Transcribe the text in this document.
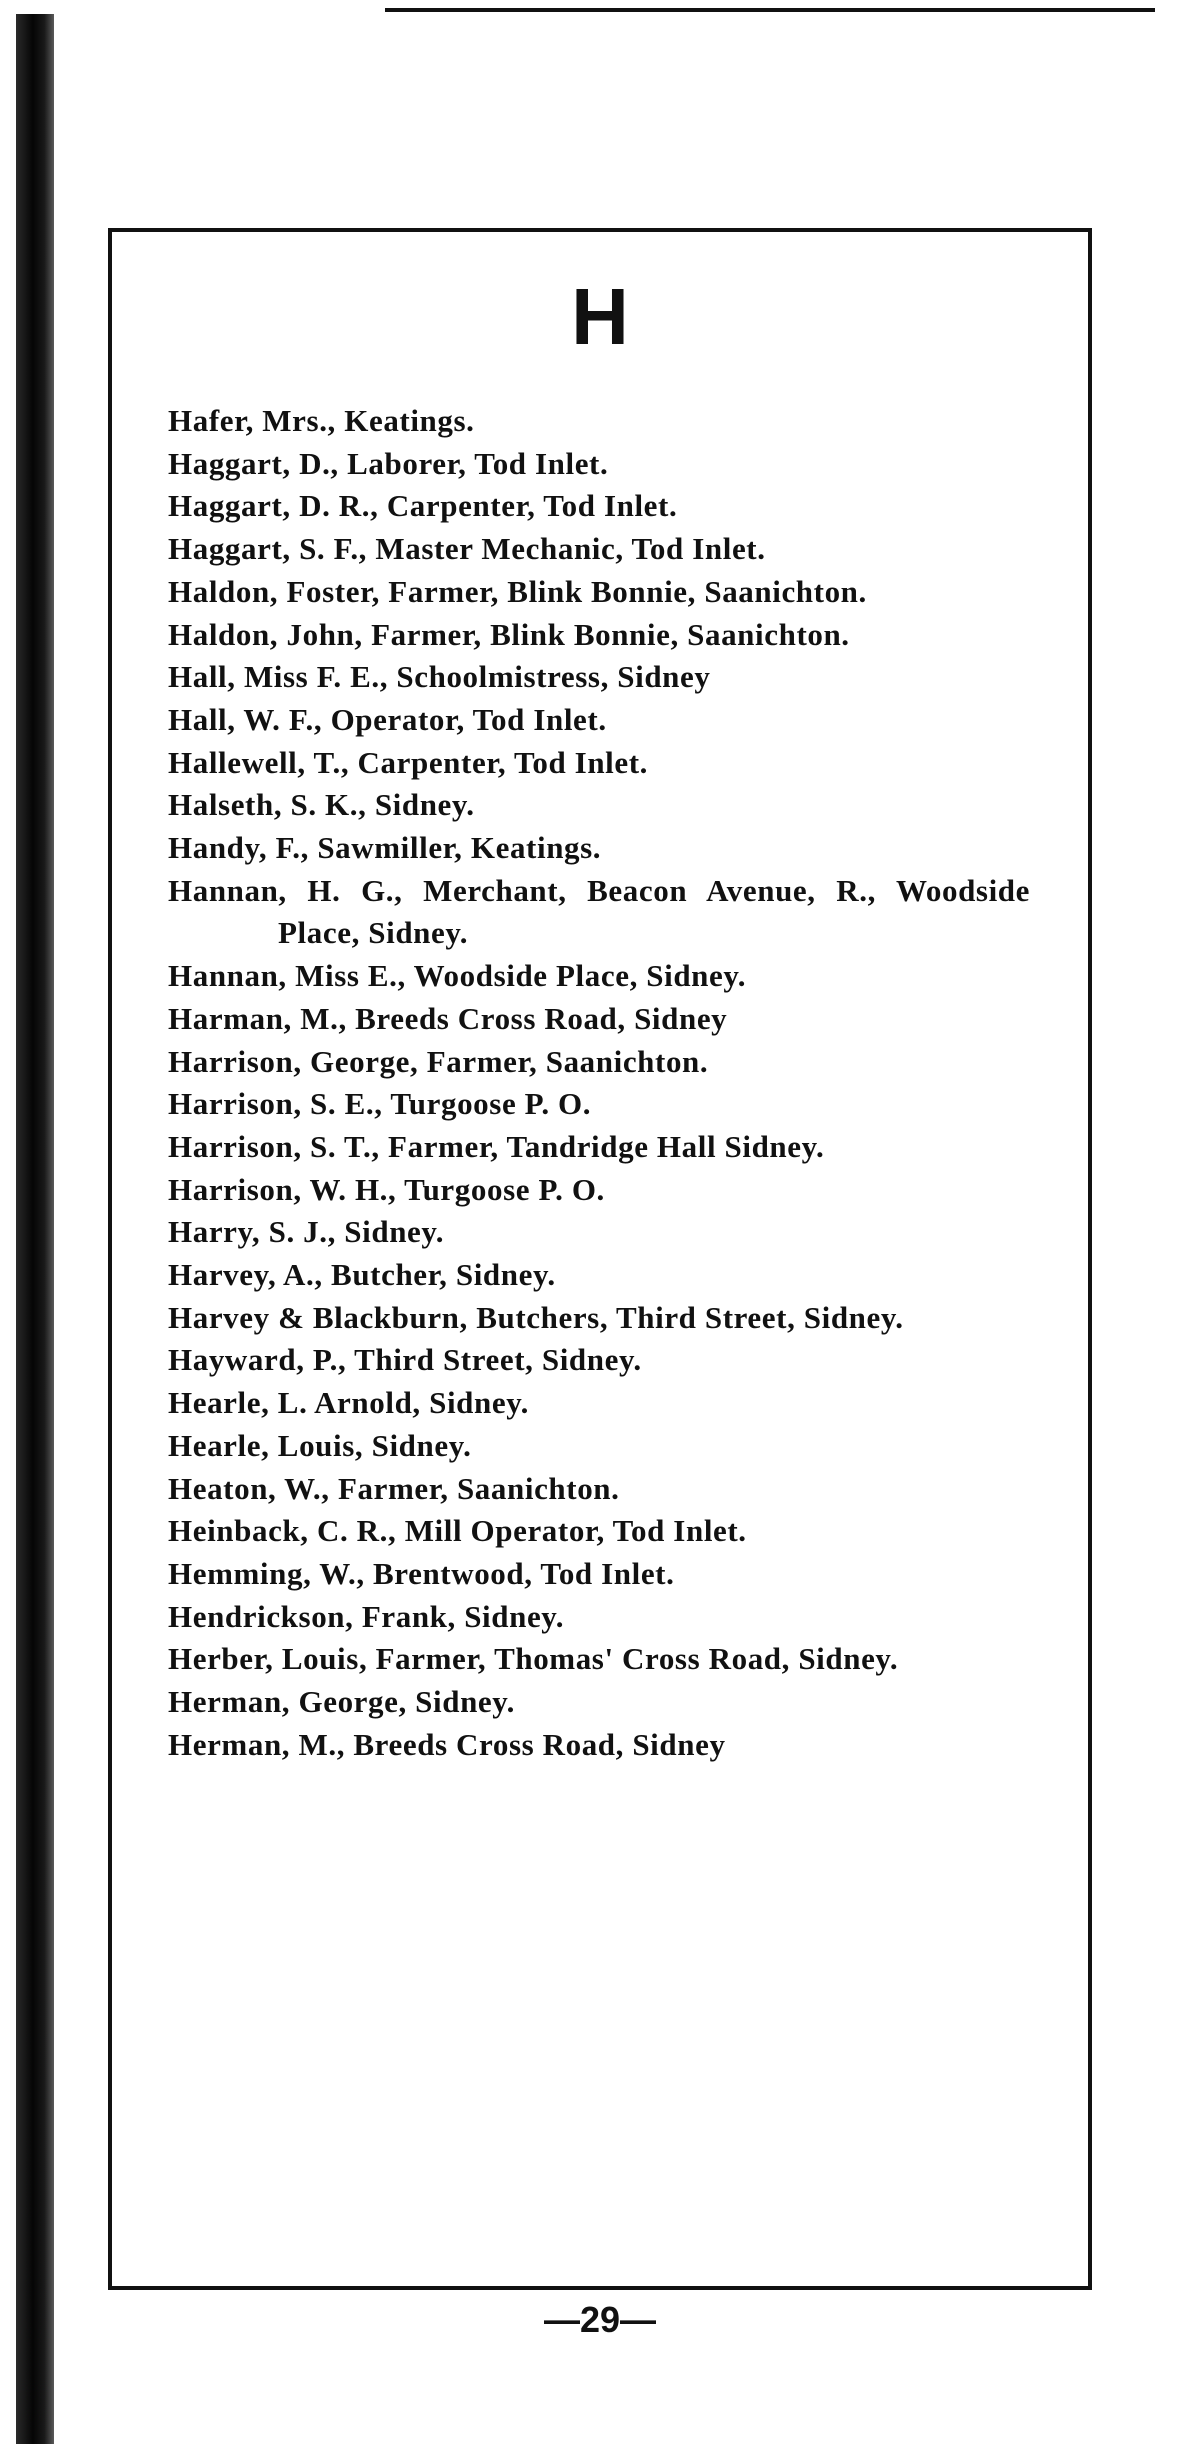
H
Hafer, Mrs., Keatings.
Haggart, D., Laborer, Tod Inlet.
Haggart, D. R., Carpenter, Tod Inlet.
Haggart, S. F., Master Mechanic, Tod Inlet.
Haldon, Foster, Farmer, Blink Bonnie, Saanichton.
Haldon, John, Farmer, Blink Bonnie, Saanichton.
Hall, Miss F. E., Schoolmistress, Sidney
Hall, W. F., Operator, Tod Inlet.
Hallewell, T., Carpenter, Tod Inlet.
Halseth, S. K., Sidney.
Handy, F., Sawmiller, Keatings.
Hannan, H. G., Merchant, Beacon Avenue, R., Woodside Place, Sidney.
Hannan, Miss E., Woodside Place, Sidney.
Harman, M., Breeds Cross Road, Sidney
Harrison, George, Farmer, Saanichton.
Harrison, S. E., Turgoose P. O.
Harrison, S. T., Farmer, Tandridge Hall Sidney.
Harrison, W. H., Turgoose P. O.
Harry, S. J., Sidney.
Harvey, A., Butcher, Sidney.
Harvey & Blackburn, Butchers, Third Street, Sidney.
Hayward, P., Third Street, Sidney.
Hearle, L. Arnold, Sidney.
Hearle, Louis, Sidney.
Heaton, W., Farmer, Saanichton.
Heinback, C. R., Mill Operator, Tod Inlet.
Hemming, W., Brentwood, Tod Inlet.
Hendrickson, Frank, Sidney.
Herber, Louis, Farmer, Thomas' Cross Road, Sidney.
Herman, George, Sidney.
Herman, M., Breeds Cross Road, Sidney
—29—
